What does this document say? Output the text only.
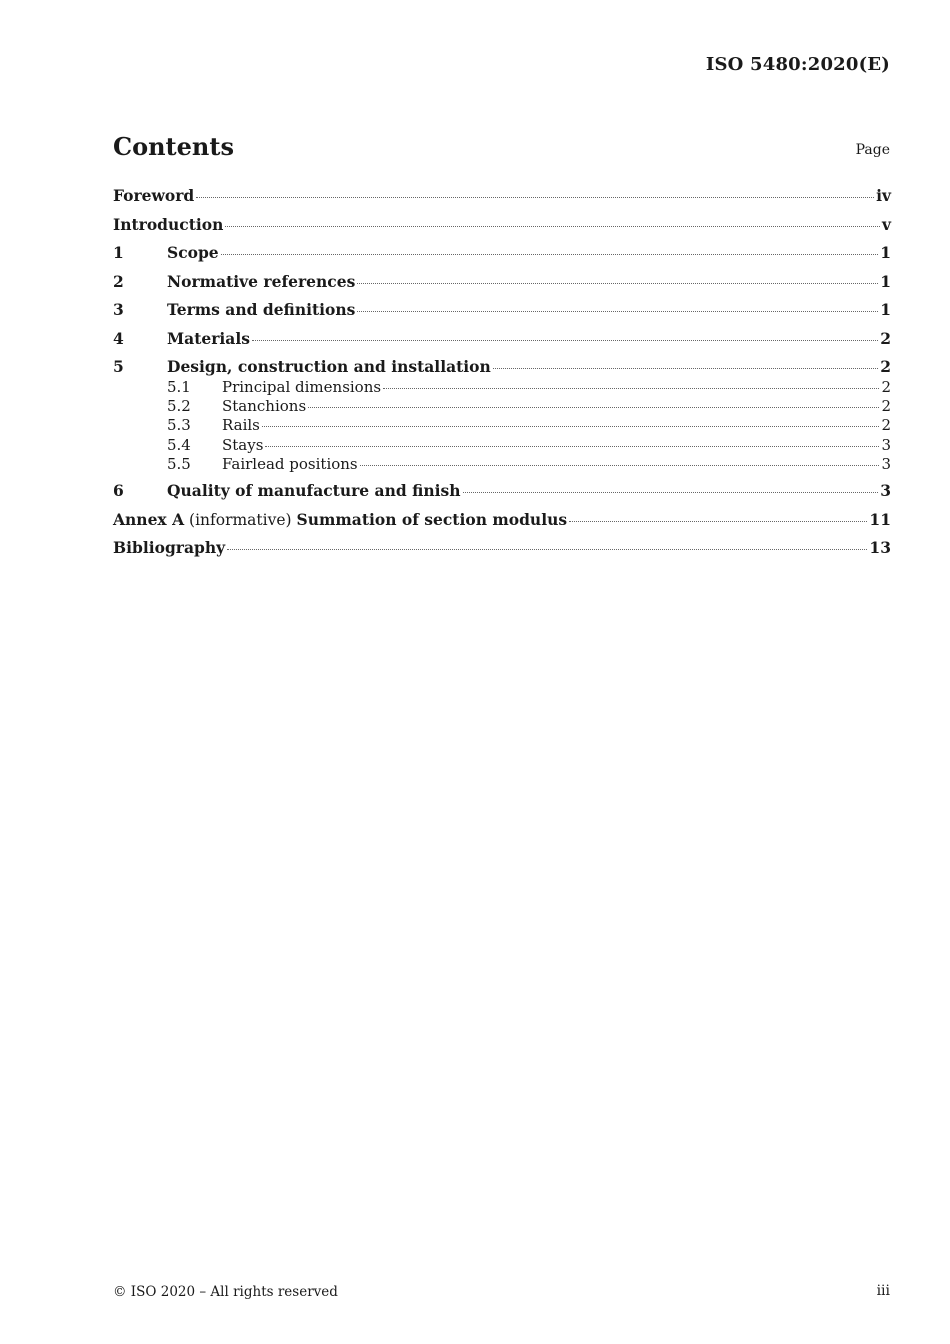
ISO 5480:2020(E)
Contents	Page
Foreword	iv
Introduction	v
1	Scope	1
2	Normative references	1
3	Terms and definitions	1
4	Materials	2
5	Design, construction and installation	2
5.1	Principal dimensions	2
5.2	Stanchions	2
5.3	Rails	2
5.4	Stays	3
5.5	Fairlead positions	3
6	Quality of manufacture and finish	3
Annex A (informative) Summation of section modulus	11
Bibliography	13
© ISO 2020 – All rights reserved	iii
